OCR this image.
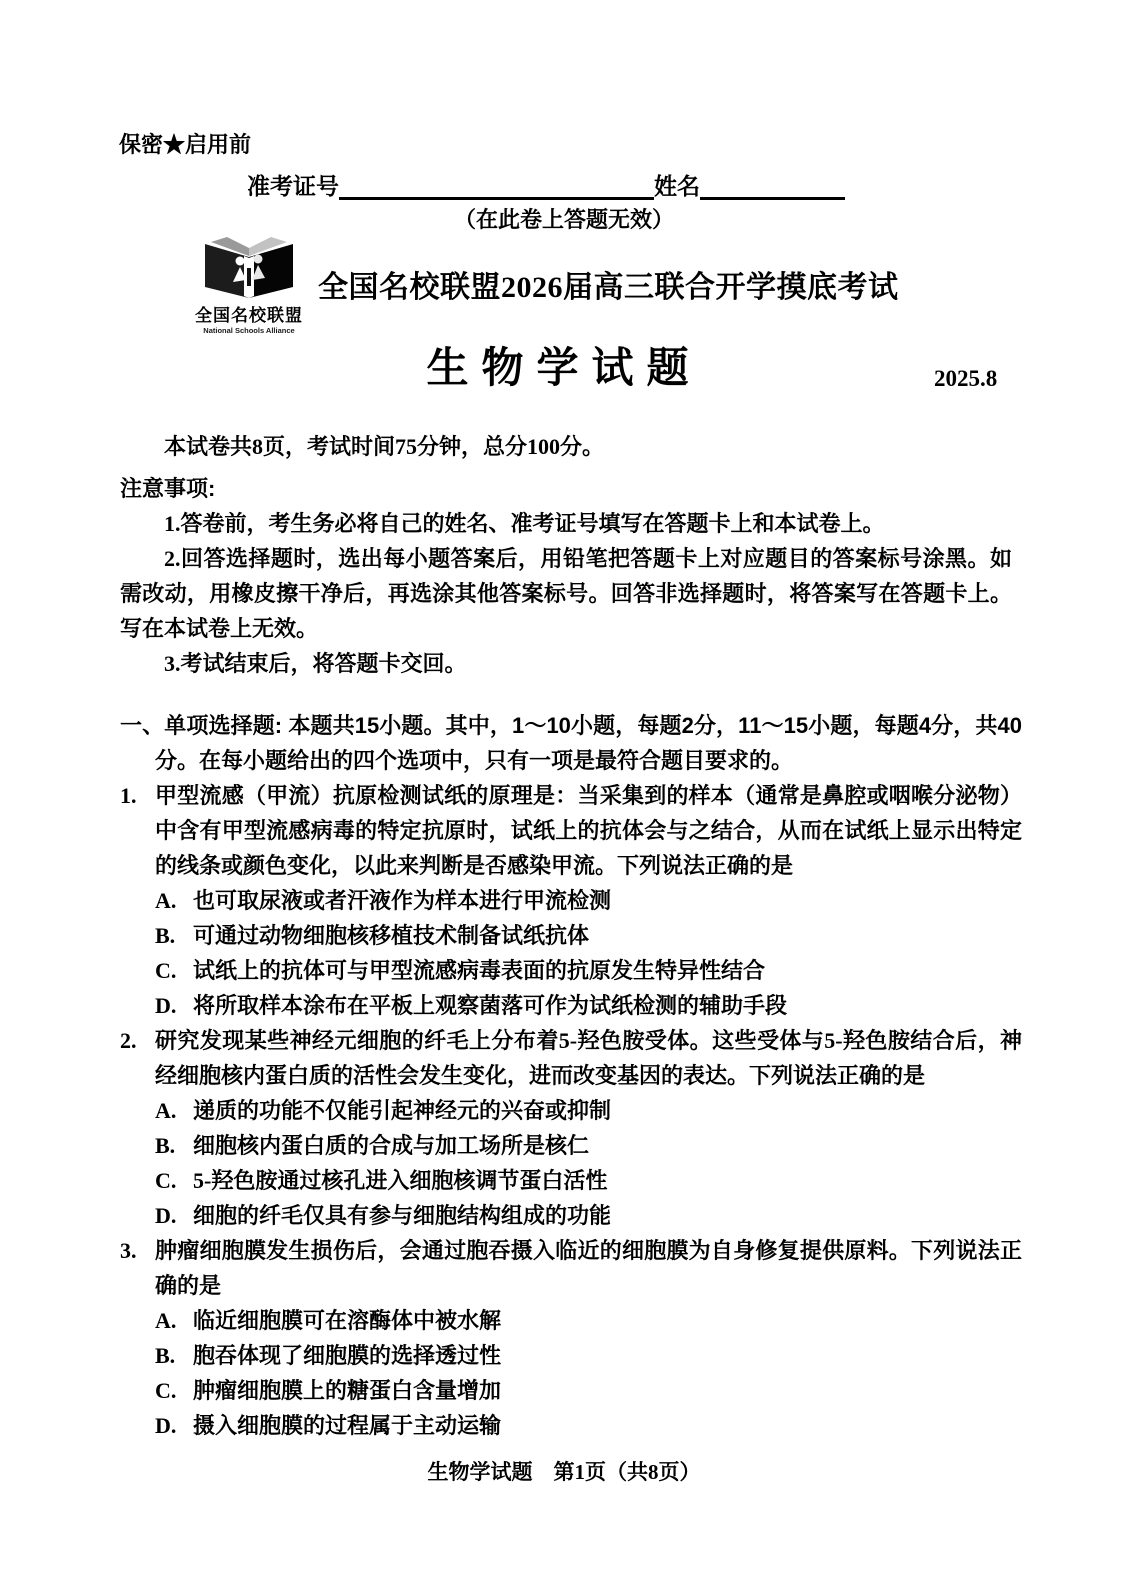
保密★启用前
准考证号	姓名
（在此卷上答题无效）
全国名校联盟
National Schools Alliance
全国名校联盟2026届高三联合开学摸底考试
生物学试题	2025.8
本试卷共8页，考试时间75分钟，总分100分。
注意事项:

1.答卷前，考生务必将自己的姓名、准考证号填写在答题卡上和本试卷上。

2.回答选择题时，选出每小题答案后，用铅笔把答题卡上对应题目的答案标号涂黑。如需改动，用橡皮擦干净后，再选涂其他答案标号。回答非选择题时，将答案写在答题卡上。写在本试卷上无效。

3.考试结束后，将答题卡交回。

一、单项选择题: 本题共15小题。其中，1～10小题，每题2分，11～15小题，每题4分，共40分。在每小题给出的四个选项中，只有一项是最符合题目要求的。
1. 甲型流感（甲流）抗原检测试纸的原理是：当采集到的样本（通常是鼻腔或咽喉分泌物）中含有甲型流感病毒的特定抗原时，试纸上的抗体会与之结合，从而在试纸上显示出特定的线条或颜色变化，以此来判断是否感染甲流。下列说法正确的是
A. 也可取尿液或者汗液作为样本进行甲流检测
B. 可通过动物细胞核移植技术制备试纸抗体
C. 试纸上的抗体可与甲型流感病毒表面的抗原发生特异性结合
D. 将所取样本涂布在平板上观察菌落可作为试纸检测的辅助手段
2. 研究发现某些神经元细胞的纤毛上分布着5-羟色胺受体。这些受体与5-羟色胺结合后，神经细胞核内蛋白质的活性会发生变化，进而改变基因的表达。下列说法正确的是
A. 递质的功能不仅能引起神经元的兴奋或抑制
B. 细胞核内蛋白质的合成与加工场所是核仁
C. 5-羟色胺通过核孔进入细胞核调节蛋白活性
D. 细胞的纤毛仅具有参与细胞结构组成的功能
3. 肿瘤细胞膜发生损伤后，会通过胞吞摄入临近的细胞膜为自身修复提供原料。下列说法正确的是
A. 临近细胞膜可在溶酶体中被水解
B. 胞吞体现了细胞膜的选择透过性
C. 肿瘤细胞膜上的糖蛋白含量增加
D. 摄入细胞膜的过程属于主动运输
生物学试题　第1页（共8页）
